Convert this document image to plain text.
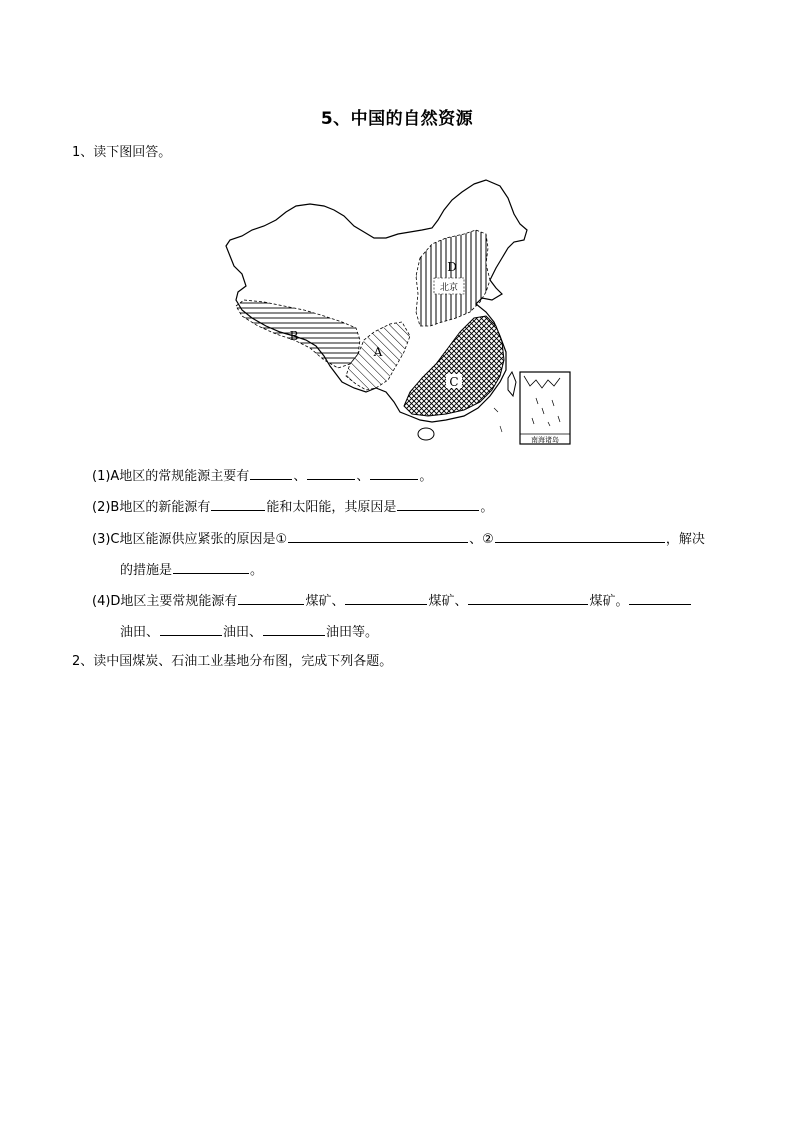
5、中国的自然资源
1、读下图回答。
北京
D
B
A
C
南海诸岛
(1)A地区的常规能源主要有	、	、	。
(2)B地区的新能源有	能和太阳能，其原因是	。
(3)C地区能源供应紧张的原因是①	、②	，解决
的措施是	。
(4)D地区主要常规能源有	煤矿、	煤矿、	煤矿。
油田、	油田、	油田等。
2、读中国煤炭、石油工业基地分布图，完成下列各题。
